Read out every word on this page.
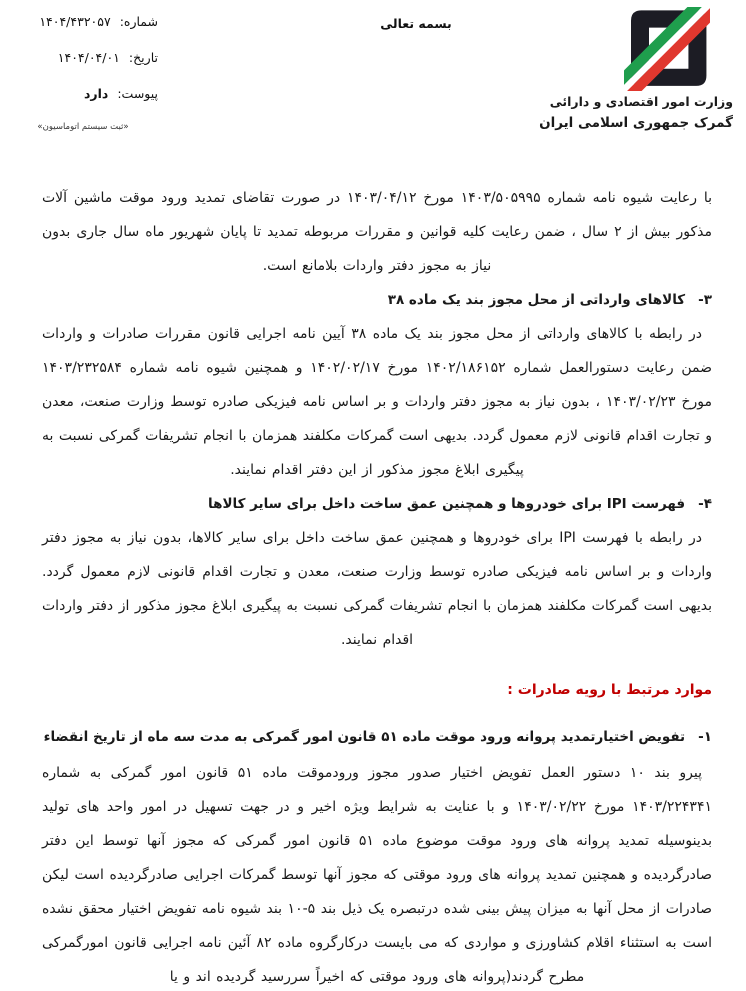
شماره:
۱۴۰۴/۴۳۲۰۵۷
تاریخ:
۱۴۰۴/۰۴/۰۱
پیوست:
دارد
«ثبت سیستم اتوماسیون»
بسمه تعالی
وزارت امور اقتصادی و دارائی
گمرک جمهوری اسلامی ایران

با رعایت شیوه نامه شماره ۱۴۰۳/۵۰۵۹۹۵ مورخ ۱۴۰۳/۰۴/۱۲ در صورت تقاضای تمدید ورود موقت ماشین آلات مذکور بیش از ۲ سال ، ضمن رعایت کلیه قوانین و مقررات مربوطه تمدید تا پایان شهریور ماه سال جاری بدون نیاز به مجوز دفتر واردات بلامانع است.

۳-کالاهای وارداتی از محل مجوز بند یک ماده ۳۸

در رابطه با کالاهای وارداتی از محل مجوز بند یک ماده ۳۸ آیین نامه اجرایی قانون مقررات صادرات و واردات ضمن رعایت دستورالعمل شماره ۱۴۰۲/۱۸۶۱۵۲ مورخ ۱۴۰۲/۰۲/۱۷ و همچنین شیوه نامه شماره ۱۴۰۳/۲۳۲۵۸۴ مورخ ۱۴۰۳/۰۲/۲۳ ، بدون نیاز به مجوز دفتر واردات و بر اساس نامه فیزیکی صادره توسط وزارت صنعت، معدن و تجارت اقدام قانونی لازم معمول گردد. بدیهی است گمرکات مکلفند همزمان با انجام تشریفات گمرکی نسبت به پیگیری ابلاغ مجوز مذکور از این دفتر اقدام نمایند.

۴-فهرست IPI برای خودروها و همچنین عمق ساخت داخل برای سایر کالاها

در رابطه با فهرست IPI برای خودروها و همچنین عمق ساخت داخل برای سایر کالاها، بدون نیاز به مجوز دفتر واردات و بر اساس نامه فیزیکی صادره توسط وزارت صنعت، معدن و تجارت اقدام قانونی لازم معمول گردد. بدیهی است گمرکات مکلفند همزمان با انجام تشریفات گمرکی نسبت به پیگیری ابلاغ مجوز مذکور از دفتر واردات اقدام نمایند.

موارد مرتبط با رویه صادرات :
۱-تفویض اختیارتمدید پروانه ورود موقت ماده ۵۱ قانون امور گمرکی به مدت سه ماه از تاریخ انقضاء

پیرو بند ۱۰ دستور العمل تفویض اختیار صدور مجوز ورودموقت ماده ۵۱ قانون امور گمرکی به شماره ۱۴۰۳/۲۲۴۳۴۱ مورخ ۱۴۰۳/۰۲/۲۲ و با عنایت به شرایط ویژه اخیر و در جهت تسهیل در امور واحد های تولید بدینوسیله تمدید پروانه های ورود موقت موضوع ماده ۵۱ قانون امور گمرکی که مجوز آنها توسط این دفتر صادرگردیده و همچنین تمدید پروانه های ورود موقتی که مجوز آنها توسط گمرکات اجرایی صادرگردیده است لیکن صادرات از محل آنها به میزان پیش بینی شده درتبصره یک ذیل بند ۵-۱۰ بند شیوه نامه تفویض اختیار محقق نشده است به استثناء اقلام کشاورزی و مواردی که می بایست درکارگروه ماده ۸۲ آئین نامه اجرایی قانون امورگمرکی مطرح گردند(پروانه های ورود موقتی که اخیراً سررسید گردیده اند و یا
